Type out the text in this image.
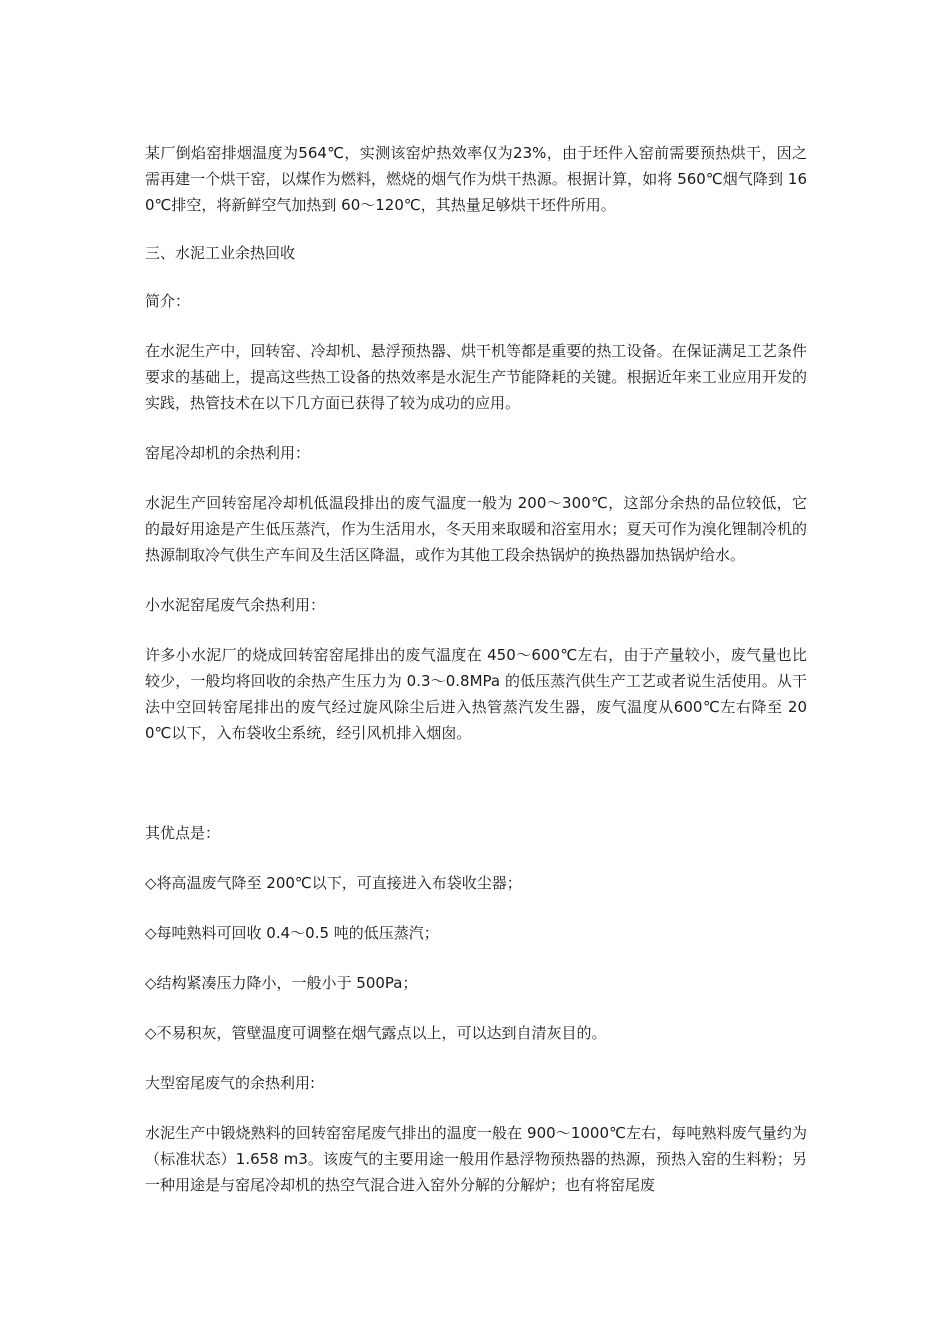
某厂倒焰窑排烟温度为564℃，实测该窑炉热效率仅为23%，由于坯件入窑前需要预热烘干，因之需再建一个烘干窑，以煤作为燃料，燃烧的烟气作为烘干热源。根据计算，如将 560℃烟气降到 160℃排空，将新鲜空气加热到 60～120℃，其热量足够烘干坯件所用。

三、水泥工业余热回收

简介：

在水泥生产中，回转窑、冷却机、悬浮预热器、烘干机等都是重要的热工设备。在保证满足工艺条件要求的基础上，提高这些热工设备的热效率是水泥生产节能降耗的关键。根据近年来工业应用开发的实践，热管技术在以下几方面已获得了较为成功的应用。

窑尾冷却机的余热利用：

水泥生产回转窑尾冷却机低温段排出的废气温度一般为 200～300℃，这部分余热的品位较低，它的最好用途是产生低压蒸汽，作为生活用水，冬天用来取暖和浴室用水；夏天可作为溴化锂制冷机的热源制取冷气供生产车间及生活区降温，或作为其他工段余热锅炉的换热器加热锅炉给水。

小水泥窑尾废气余热利用：

许多小水泥厂的烧成回转窑窑尾排出的废气温度在 450～600℃左右，由于产量较小，废气量也比较少，一般均将回收的余热产生压力为 0.3～0.8MPa 的低压蒸汽供生产工艺或者说生活使用。从干法中空回转窑尾排出的废气经过旋风除尘后进入热管蒸汽发生器，废气温度从600℃左右降至 200℃以下，入布袋收尘系统，经引风机排入烟囱。

其优点是：

◇将高温废气降至 200℃以下，可直接进入布袋收尘器；

◇每吨熟料可回收 0.4～0.5 吨的低压蒸汽；

◇结构紧凑压力降小，一般小于 500Pa；

◇不易积灰，管壁温度可调整在烟气露点以上，可以达到自清灰目的。

大型窑尾废气的余热利用:

水泥生产中锻烧熟料的回转窑窑尾废气排出的温度一般在 900～1000℃左右，每吨熟料废气量约为（标准状态）1.658 m3。该废气的主要用途一般用作悬浮物预热器的热源，预热入窑的生料粉；另一种用途是与窑尾冷却机的热空气混合进入窑外分解的分解炉；也有将窑尾废
